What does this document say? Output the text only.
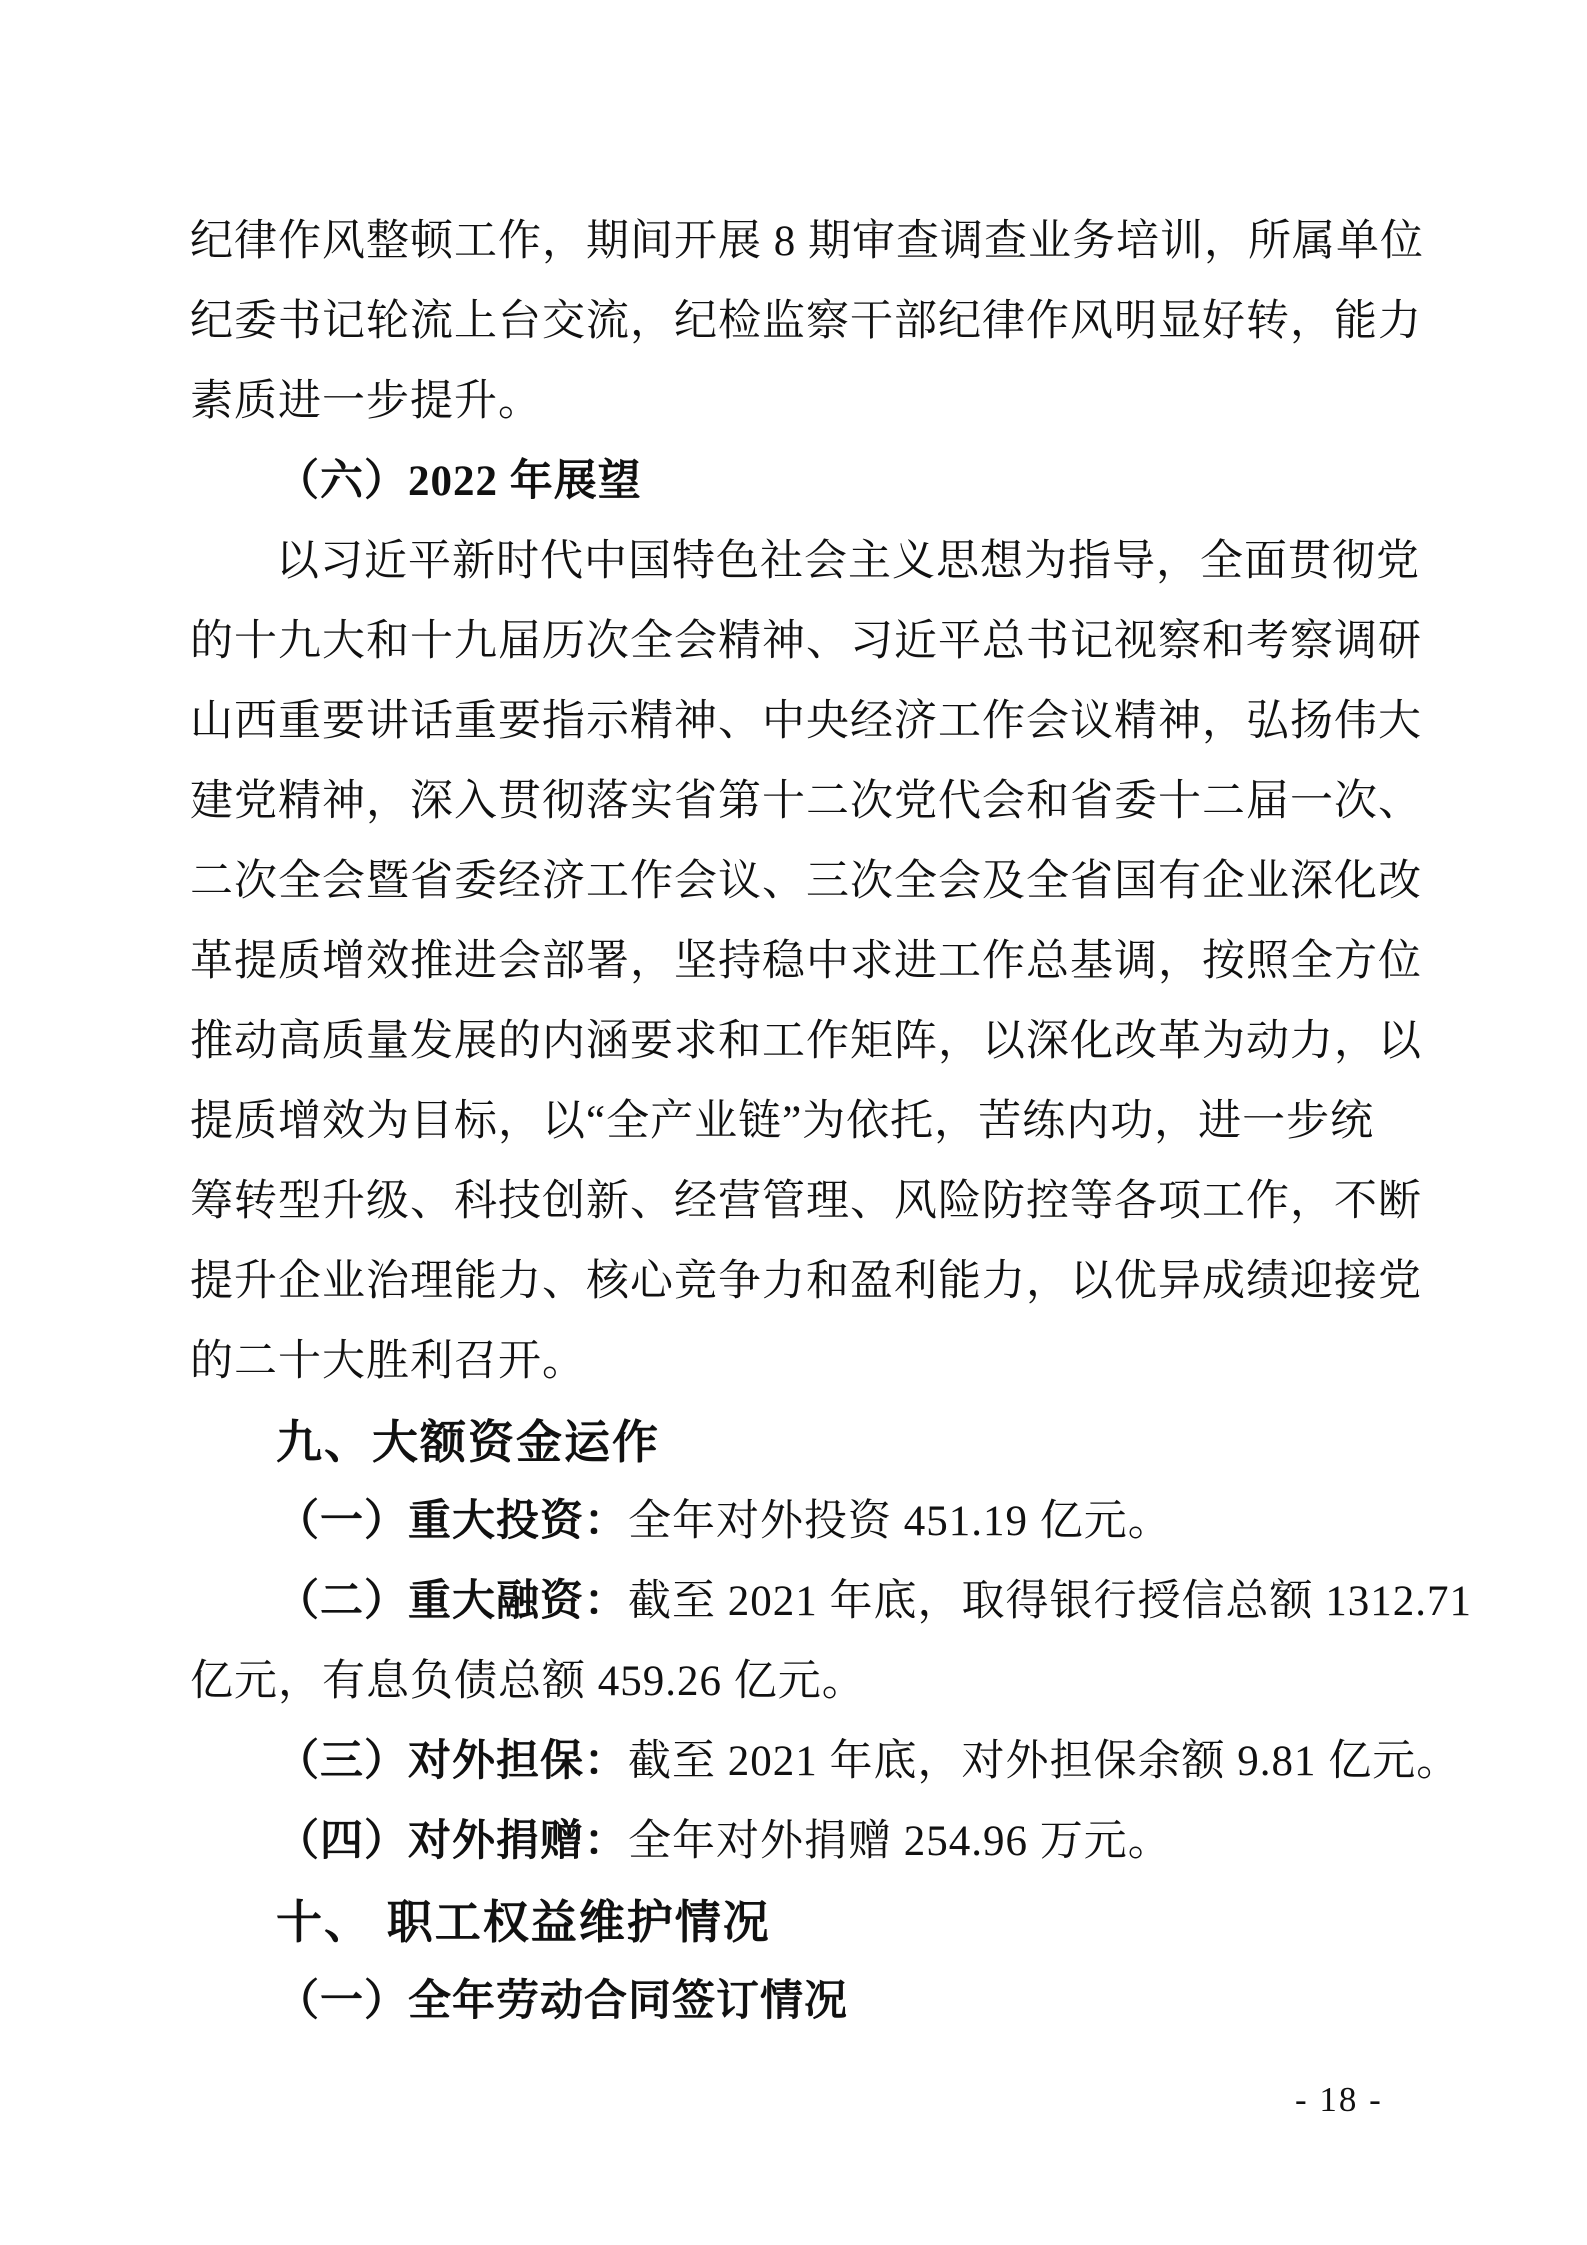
纪律作风整顿工作，期间开展 8 期审查调查业务培训，所属单位
纪委书记轮流上台交流，纪检监察干部纪律作风明显好转，能力
素质进一步提升。
（六）2022 年展望
以习近平新时代中国特色社会主义思想为指导，全面贯彻党
的十九大和十九届历次全会精神、习近平总书记视察和考察调研
山西重要讲话重要指示精神、中央经济工作会议精神，弘扬伟大
建党精神，深入贯彻落实省第十二次党代会和省委十二届一次、
二次全会暨省委经济工作会议、三次全会及全省国有企业深化改
革提质增效推进会部署，坚持稳中求进工作总基调，按照全方位
推动高质量发展的内涵要求和工作矩阵，以深化改革为动力，以
提质增效为目标，以“全产业链”为依托，苦练内功，进一步统
筹转型升级、科技创新、经营管理、风险防控等各项工作，不断
提升企业治理能力、核心竞争力和盈利能力，以优异成绩迎接党
的二十大胜利召开。
九、大额资金运作
（一）重大投资：全年对外投资 451.19 亿元。
（二）重大融资：截至 2021 年底，取得银行授信总额 1312.71
亿元，有息负债总额 459.26 亿元。
（三）对外担保：截至 2021 年底，对外担保余额 9.81 亿元。
（四）对外捐赠：全年对外捐赠 254.96 万元。
十、 职工权益维护情况
（一）全年劳动合同签订情况
- 18 -
